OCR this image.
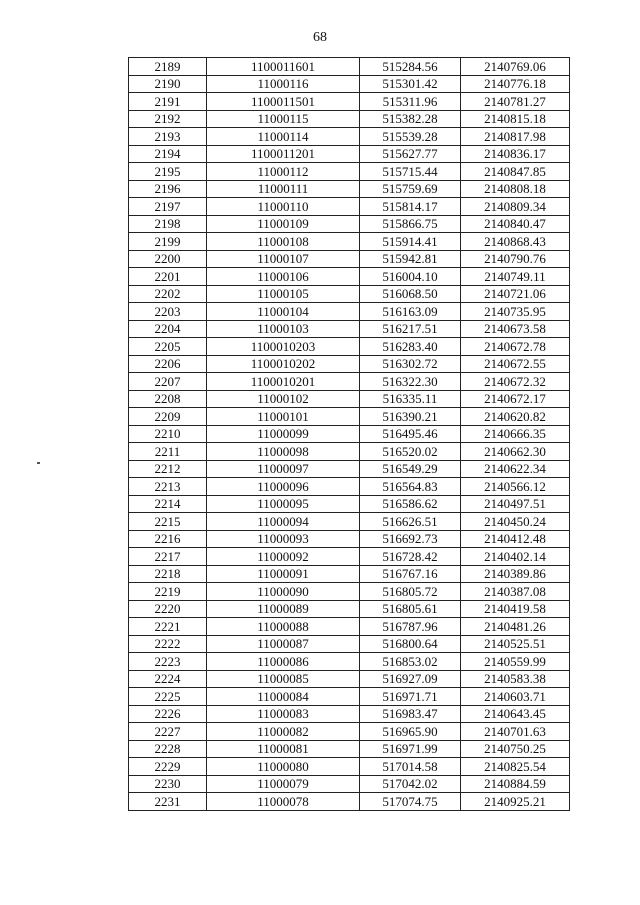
68
2189	1100011601	515284.56	2140769.06
2190	11000116	515301.42	2140776.18
2191	1100011501	515311.96	2140781.27
2192	11000115	515382.28	2140815.18
2193	11000114	515539.28	2140817.98
2194	1100011201	515627.77	2140836.17
2195	11000112	515715.44	2140847.85
2196	11000111	515759.69	2140808.18
2197	11000110	515814.17	2140809.34
2198	11000109	515866.75	2140840.47
2199	11000108	515914.41	2140868.43
2200	11000107	515942.81	2140790.76
2201	11000106	516004.10	2140749.11
2202	11000105	516068.50	2140721.06
2203	11000104	516163.09	2140735.95
2204	11000103	516217.51	2140673.58
2205	1100010203	516283.40	2140672.78
2206	1100010202	516302.72	2140672.55
2207	1100010201	516322.30	2140672.32
2208	11000102	516335.11	2140672.17
2209	11000101	516390.21	2140620.82
2210	11000099	516495.46	2140666.35
2211	11000098	516520.02	2140662.30
2212	11000097	516549.29	2140622.34
2213	11000096	516564.83	2140566.12
2214	11000095	516586.62	2140497.51
2215	11000094	516626.51	2140450.24
2216	11000093	516692.73	2140412.48
2217	11000092	516728.42	2140402.14
2218	11000091	516767.16	2140389.86
2219	11000090	516805.72	2140387.08
2220	11000089	516805.61	2140419.58
2221	11000088	516787.96	2140481.26
2222	11000087	516800.64	2140525.51
2223	11000086	516853.02	2140559.99
2224	11000085	516927.09	2140583.38
2225	11000084	516971.71	2140603.71
2226	11000083	516983.47	2140643.45
2227	11000082	516965.90	2140701.63
2228	11000081	516971.99	2140750.25
2229	11000080	517014.58	2140825.54
2230	11000079	517042.02	2140884.59
2231	11000078	517074.75	2140925.21
